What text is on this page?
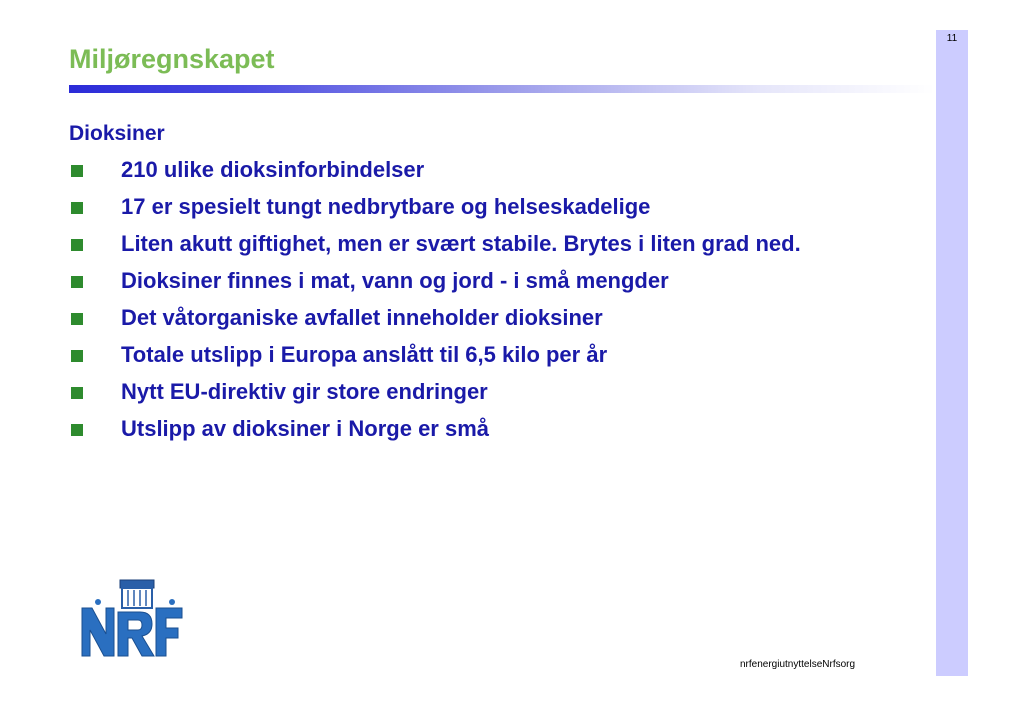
11
Miljøregnskapet
Dioksiner
210 ulike dioksinforbindelser
17 er spesielt tungt nedbrytbare og helseskadelige
Liten akutt giftighet, men er svært stabile. Brytes i liten grad ned.
Dioksiner finnes i mat, vann og jord - i små mengder
Det våtorganiske avfallet inneholder dioksiner
Totale utslipp i Europa anslått til 6,5 kilo per år
Nytt EU-direktiv gir store endringer
Utslipp av dioksiner i Norge er små
nrfenergiutnyttelseNrfsorg
